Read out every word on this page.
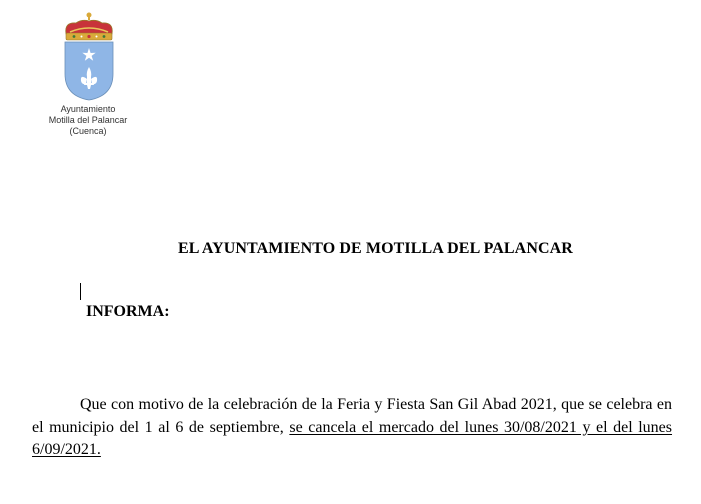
Ayuntamiento
Motilla del Palancar
(Cuenca)
EL AYUNTAMIENTO DE MOTILLA DEL PALANCAR
INFORMA:

Que con motivo de la celebración de la Feria y Fiesta San Gil Abad 2021, que se celebra en el municipio del 1 al 6 de septiembre, se cancela el mercado del lunes 30/08/2021 y el del lunes 6/09/2021.
